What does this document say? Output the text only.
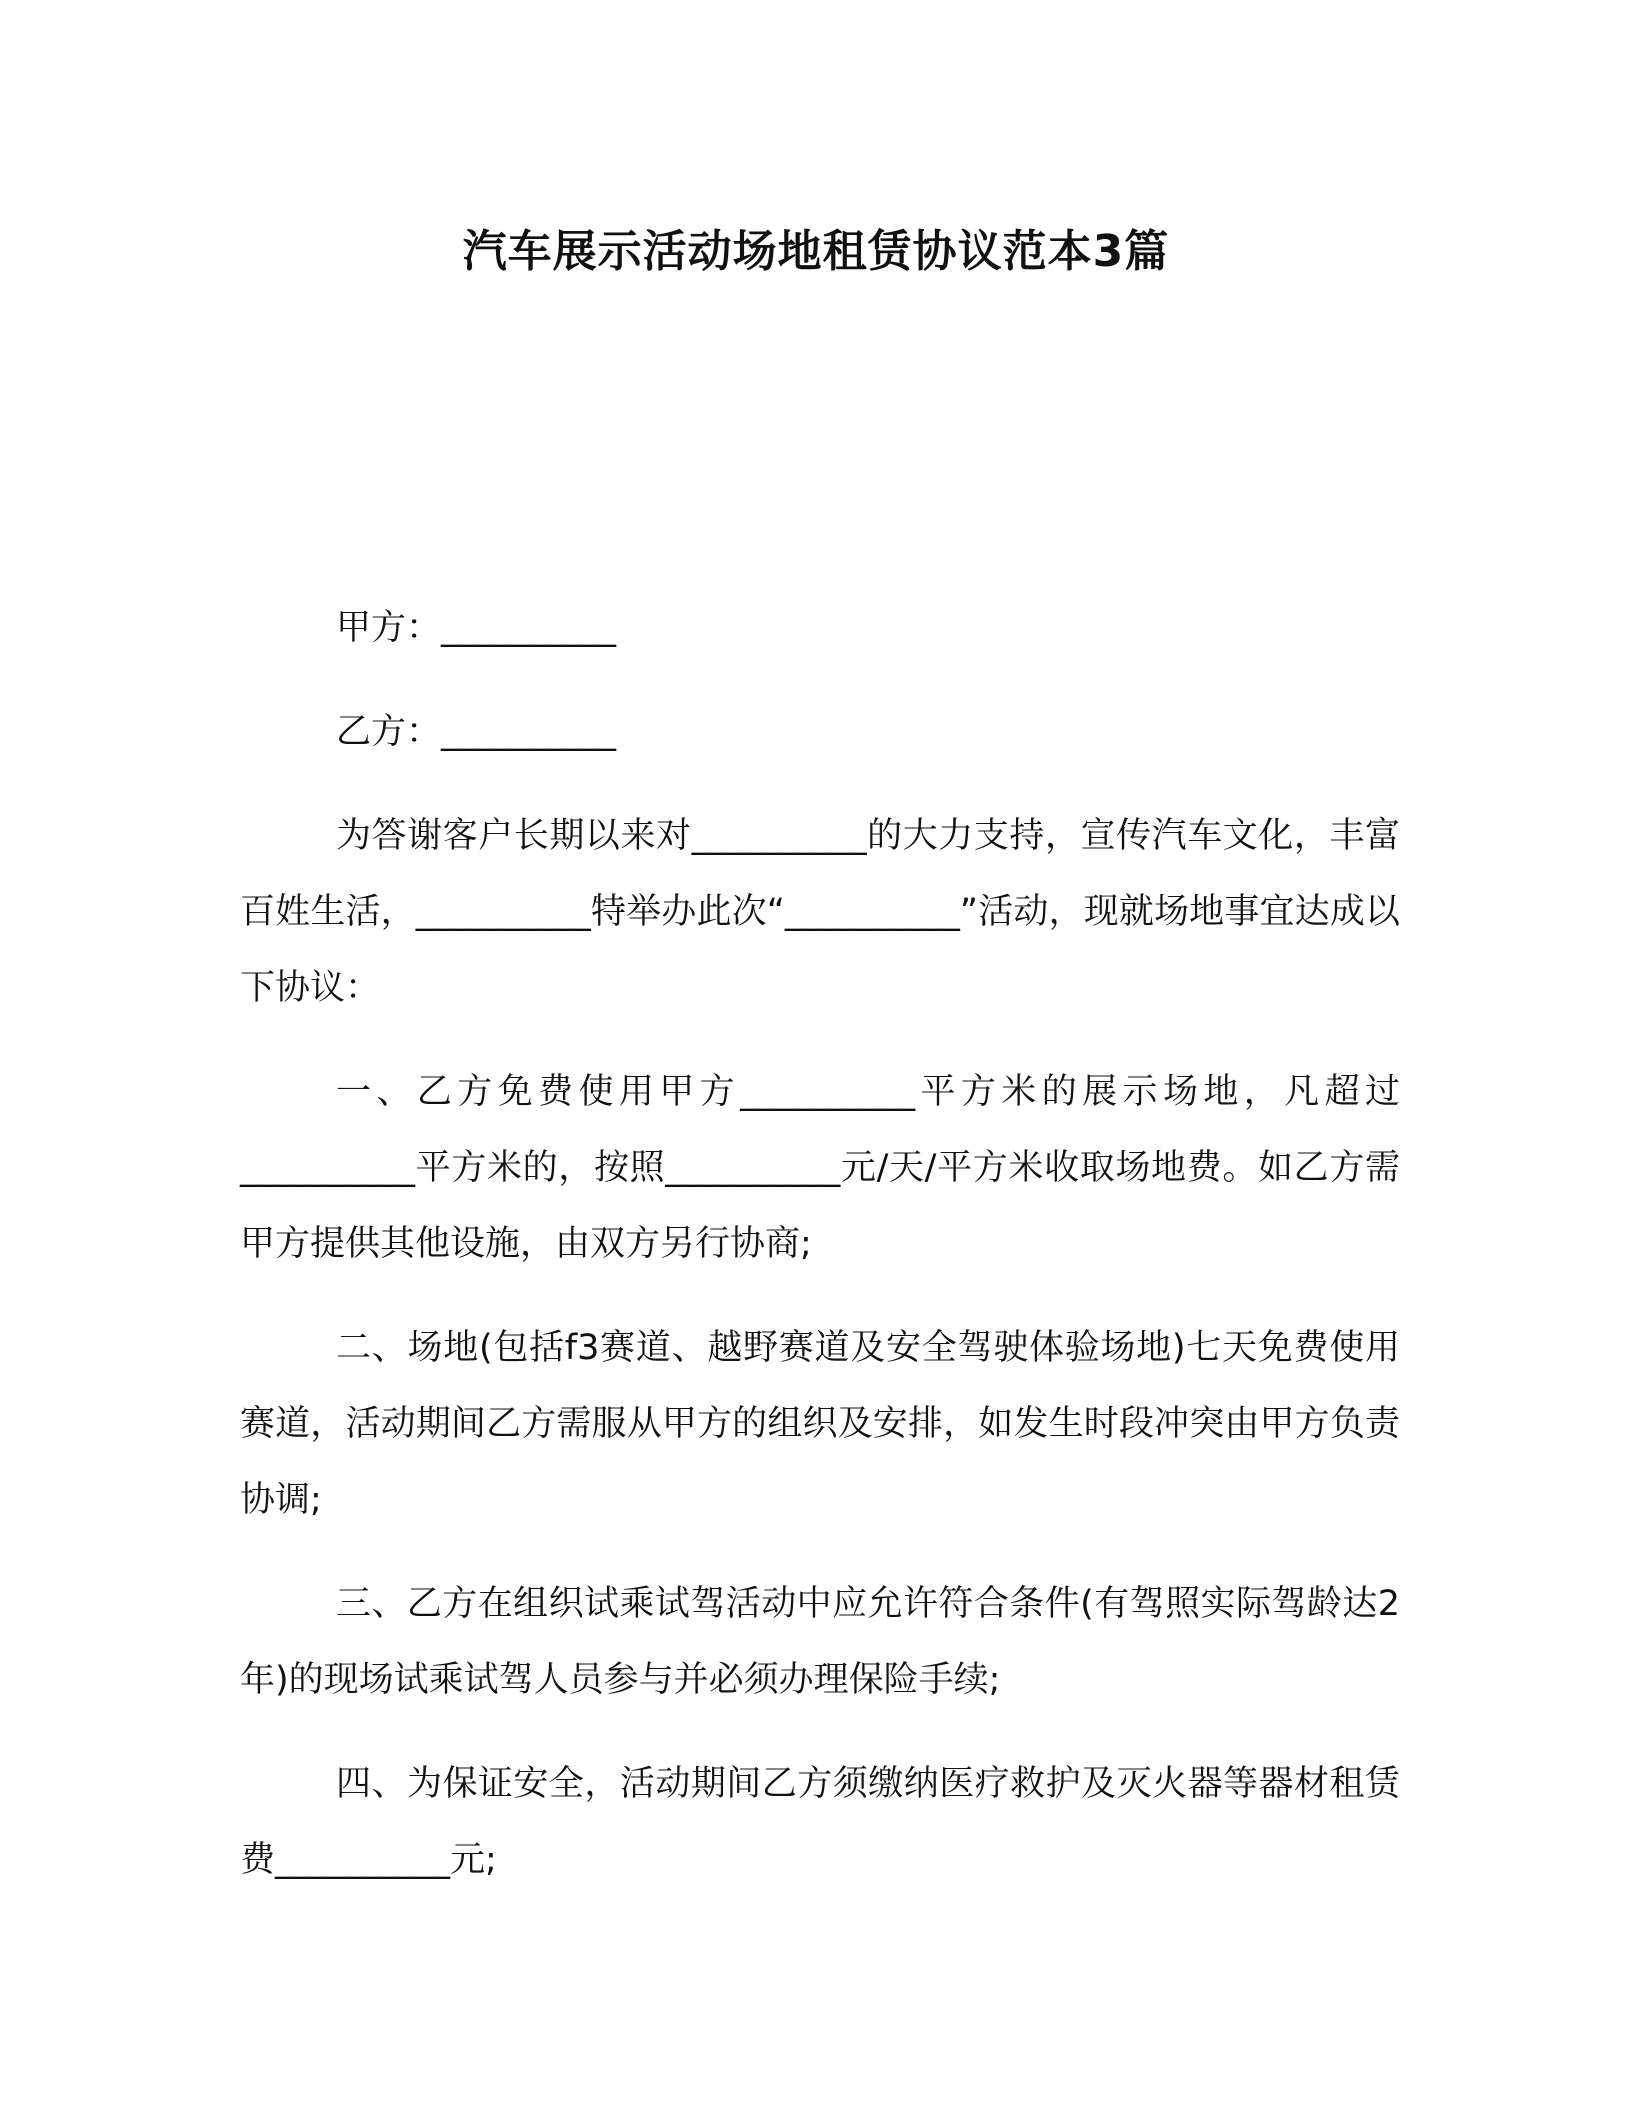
汽车展示活动场地租赁协议范本3篇

甲方：__________

乙方：__________

为答谢客户长期以来对__________的大力支持，宣传汽车文化，丰富百姓生活，__________特举办此次“__________”活动，现就场地事宜达成以下协议：

一、乙方免费使用甲方__________平方米的展示场地，凡超过__________平方米的，按照__________元/天/平方米收取场地费。如乙方需甲方提供其他设施，由双方另行协商;

二、场地(包括f3赛道、越野赛道及安全驾驶体验场地)七天免费使用赛道，活动期间乙方需服从甲方的组织及安排，如发生时段冲突由甲方负责协调;

三、乙方在组织试乘试驾活动中应允许符合条件(有驾照实际驾龄达2年)的现场试乘试驾人员参与并必须办理保险手续;

四、为保证安全，活动期间乙方须缴纳医疗救护及灭火器等器材租赁费__________元;
